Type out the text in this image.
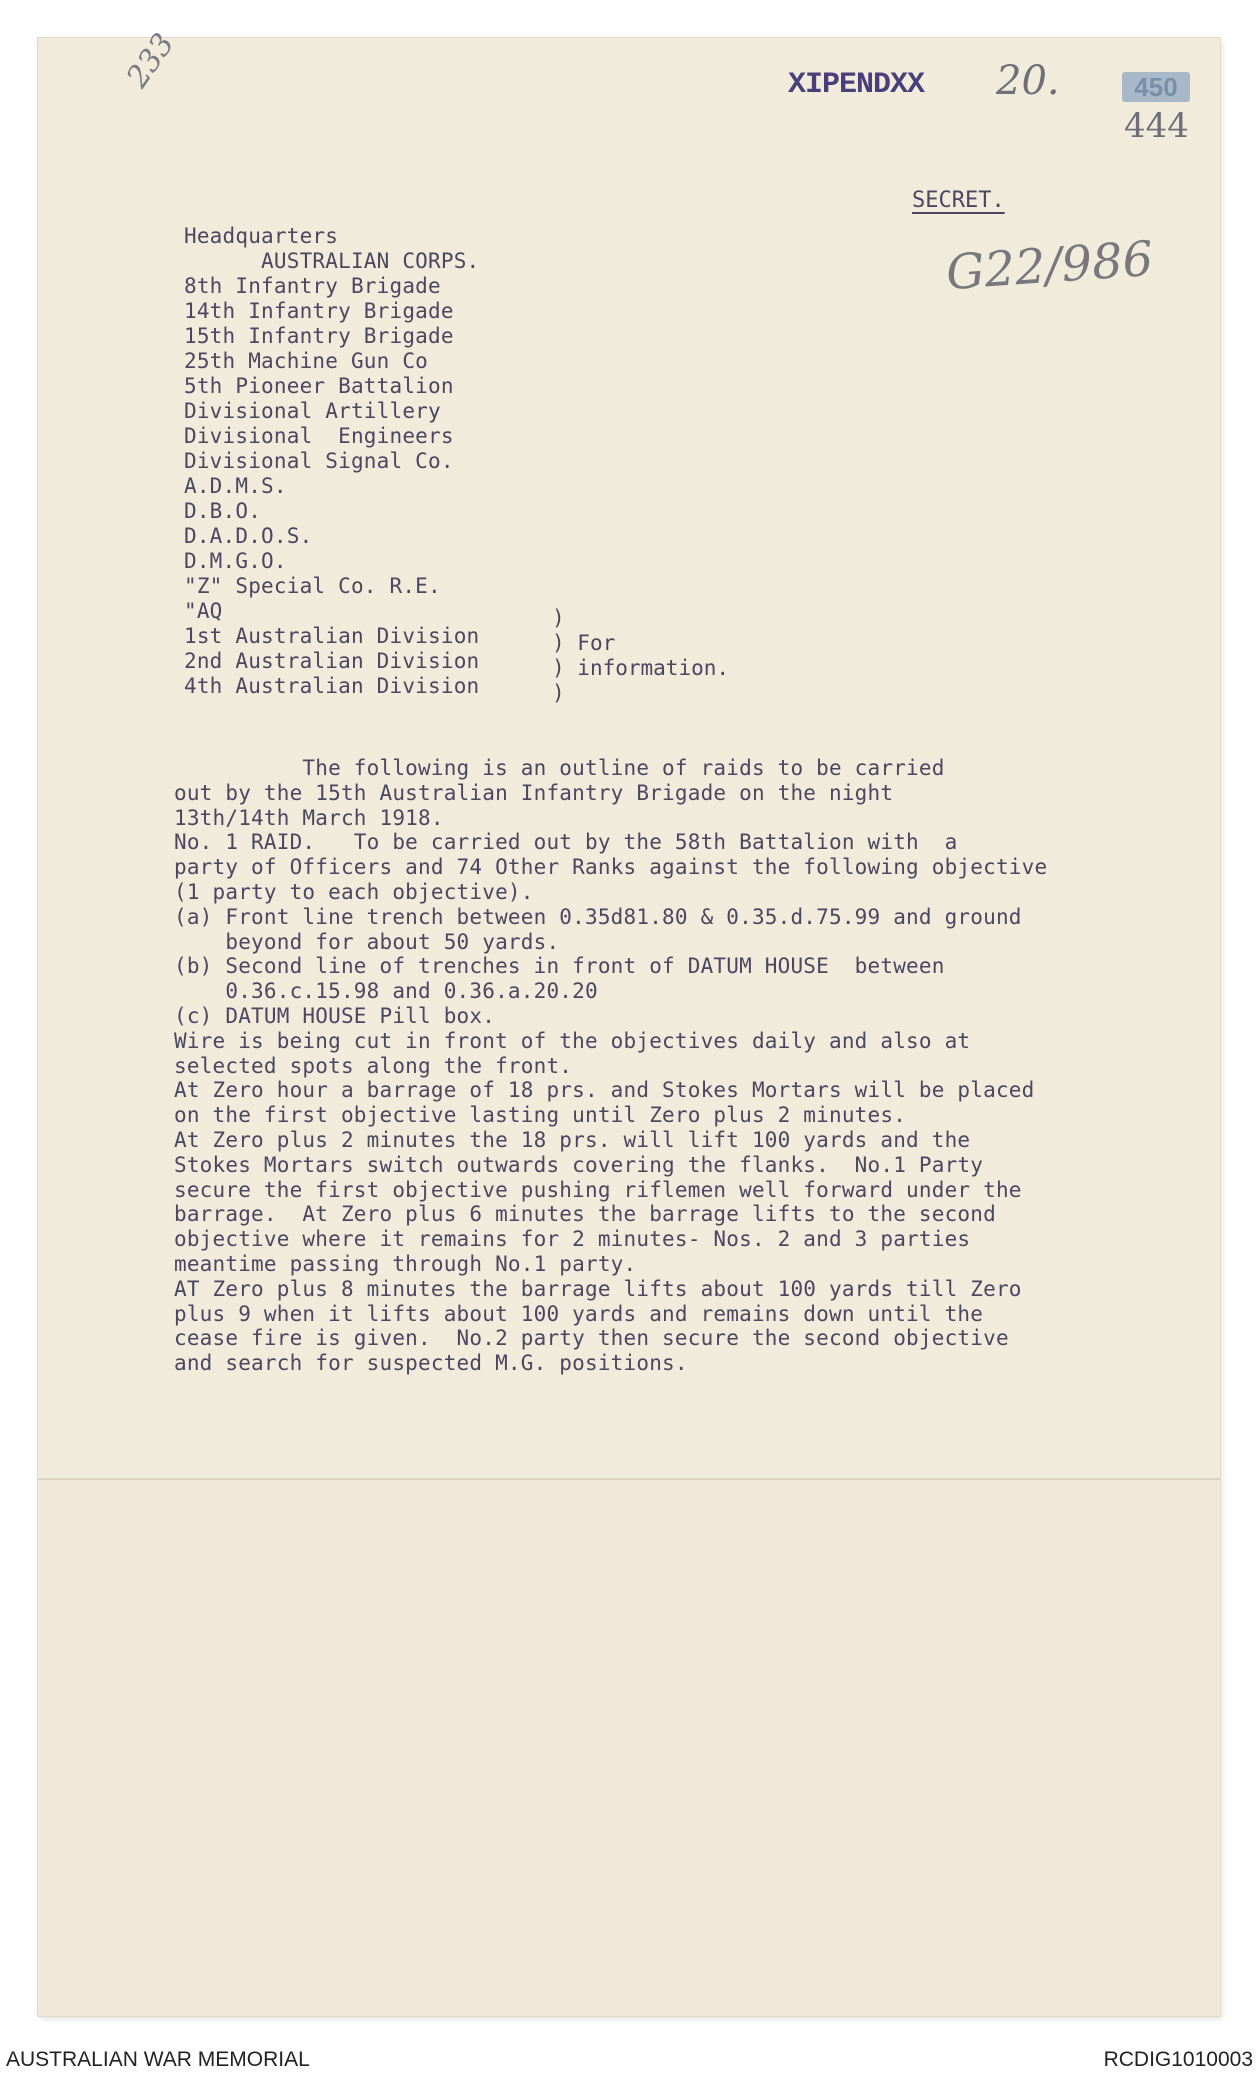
233	XIPENDXX 20.	450
444
SECRET.
G22/986
Headquarters
AUSTRALIAN CORPS.
8th Infantry Brigade
14th Infantry Brigade
15th Infantry Brigade
25th Machine Gun Co
5th Pioneer Battalion
Divisional Artillery
Divisional  Engineers
Divisional Signal Co.
A.D.M.S.
D.B.O.
D.A.D.O.S.
D.M.G.O.
"Z" Special Co. R.E.
"AQ
1st Australian Division
2nd Australian Division
4th Australian Division
)
) For
) information.
)
The following is an outline of raids to be carried
out by the 15th Australian Infantry Brigade on the night
13th/14th March 1918.
No. 1 RAID.   To be carried out by the 58th Battalion with  a
party of Officers and 74 Other Ranks against the following objective
(1 party to each objective).
(a) Front line trench between 0.35d81.80 & 0.35.d.75.99 and ground
beyond for about 50 yards.
(b) Second line of trenches in front of DATUM HOUSE  between
0.36.c.15.98 and 0.36.a.20.20
(c) DATUM HOUSE Pill box.
Wire is being cut in front of the objectives daily and also at
selected spots along the front.
At Zero hour a barrage of 18 prs. and Stokes Mortars will be placed
on the first objective lasting until Zero plus 2 minutes.
At Zero plus 2 minutes the 18 prs. will lift 100 yards and the
Stokes Mortars switch outwards covering the flanks.  No.1 Party
secure the first objective pushing riflemen well forward under the
barrage.  At Zero plus 6 minutes the barrage lifts to the second
objective where it remains for 2 minutes- Nos. 2 and 3 parties
meantime passing through No.1 party.
AT Zero plus 8 minutes the barrage lifts about 100 yards till Zero
plus 9 when it lifts about 100 yards and remains down until the
cease fire is given.  No.2 party then secure the second objective
and search for suspected M.G. positions.
AUSTRALIAN WAR MEMORIAL	RCDIG1010003
